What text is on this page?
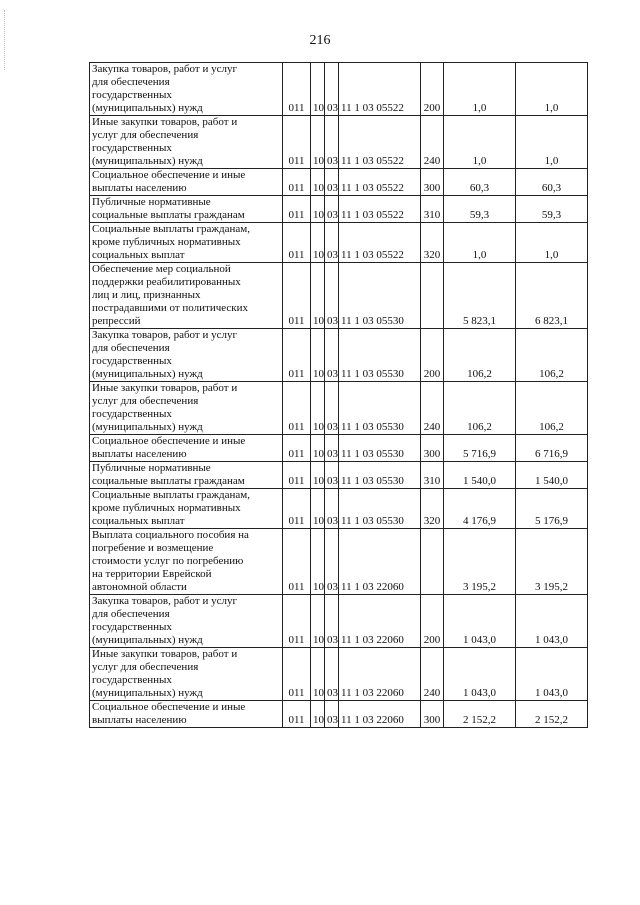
216
Закупка товаров, работ и услуг
для обеспечения
государственных
(муниципальных) нужд	011	10	03	11 1 03 05522	200	1,0	1,0
Иные закупки товаров, работ и
услуг для обеспечения
государственных
(муниципальных) нужд	011	10	03	11 1 03 05522	240	1,0	1,0
Социальное обеспечение и иные
выплаты населению	011	10	03	11 1 03 05522	300	60,3	60,3
Публичные нормативные
социальные выплаты гражданам	011	10	03	11 1 03 05522	310	59,3	59,3
Социальные выплаты гражданам,
кроме публичных нормативных
социальных выплат	011	10	03	11 1 03 05522	320	1,0	1,0
Обеспечение мер социальной
поддержки реабилитированных
лиц и лиц, признанных
пострадавшими от политических
репрессий	011	10	03	11 1 03 05530		5 823,1	6 823,1
Закупка товаров, работ и услуг
для обеспечения
государственных
(муниципальных) нужд	011	10	03	11 1 03 05530	200	106,2	106,2
Иные закупки товаров, работ и
услуг для обеспечения
государственных
(муниципальных) нужд	011	10	03	11 1 03 05530	240	106,2	106,2
Социальное обеспечение и иные
выплаты населению	011	10	03	11 1 03 05530	300	5 716,9	6 716,9
Публичные нормативные
социальные выплаты гражданам	011	10	03	11 1 03 05530	310	1 540,0	1 540,0
Социальные выплаты гражданам,
кроме публичных нормативных
социальных выплат	011	10	03	11 1 03 05530	320	4 176,9	5 176,9
Выплата социального пособия на
погребение и возмещение
стоимости услуг по погребению
на территории Еврейской
автономной области	011	10	03	11 1 03 22060		3 195,2	3 195,2
Закупка товаров, работ и услуг
для обеспечения
государственных
(муниципальных) нужд	011	10	03	11 1 03 22060	200	1 043,0	1 043,0
Иные закупки товаров, работ и
услуг для обеспечения
государственных
(муниципальных) нужд	011	10	03	11 1 03 22060	240	1 043,0	1 043,0
Социальное обеспечение и иные
выплаты населению	011	10	03	11 1 03 22060	300	2 152,2	2 152,2
